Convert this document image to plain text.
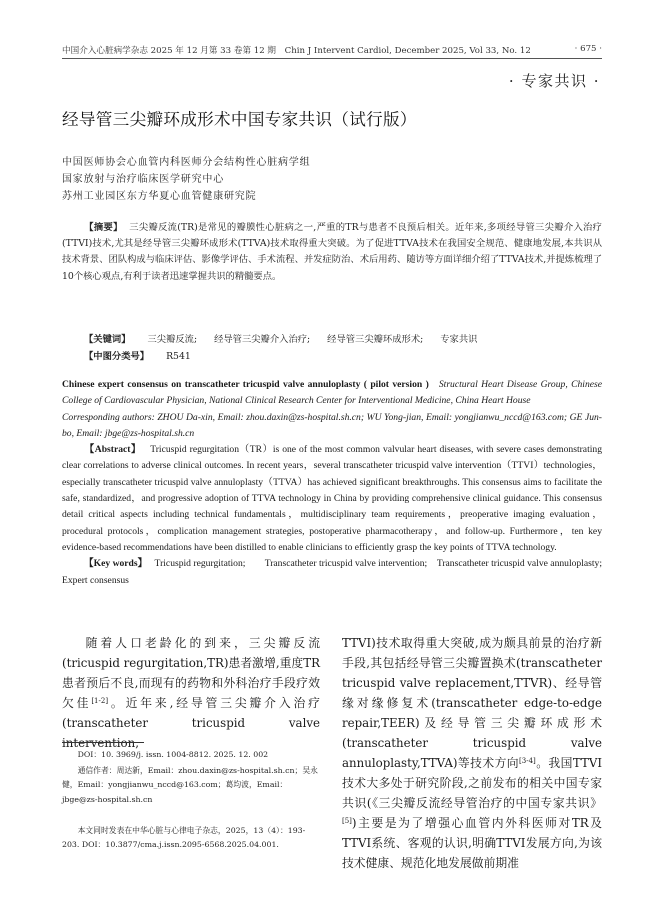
中国介入心脏病学杂志 2025 年 12 月第 33 卷第 12 期　Chin J Intervent Cardiol, December 2025, Vol 33, No. 12	· 675 ·
· 专家共识 ·
经导管三尖瓣环成形术中国专家共识（试行版）
中国医师协会心血管内科医师分会结构性心脏病学组
国家放射与治疗临床医学研究中心
苏州工业园区东方华夏心血管健康研究院
【摘要】 三尖瓣反流(TR)是常见的瓣膜性心脏病之一,严重的TR与患者不良预后相关。近年来,多项经导管三尖瓣介入治疗(TTVI)技术,尤其是经导管三尖瓣环成形术(TTVA)技术取得重大突破。为了促进TTVA技术在我国安全规范、健康地发展,本共识从技术背景、团队构成与临床评估、影像学评估、手术流程、并发症防治、术后用药、随访等方面详细介绍了TTVA技术,并提炼梳理了10个核心观点,有利于读者迅速掌握共识的精髓要点。
【关键词】 三尖瓣反流; 经导管三尖瓣介入治疗; 经导管三尖瓣环成形术; 专家共识
【中图分类号】 R541
Chinese expert consensus on transcatheter tricuspid valve annuloplasty ( pilot version ) Structural Heart Disease Group, Chinese College of Cardiovascular Physician, National Clinical Research Center for Interventional Medicine, China Heart House
Corresponding authors: ZHOU Da-xin, Email: zhou.daxin@zs-hospital.sh.cn; WU Yong-jian, Email: yongjianwu_nccd@163.com; GE Jun-bo, Email: jbge@zs-hospital.sh.cn
【Abstract】 Tricuspid regurgitation（TR）is one of the most common valvular heart diseases, with severe cases demonstrating clear correlations to adverse clinical outcomes. In recent years，several transcatheter tricuspid valve intervention（TTVI）technologies，especially transcatheter tricuspid valve annuloplasty（TTVA）has achieved significant breakthroughs. This consensus aims to facilitate the safe, standardized，and progressive adoption of TTVA technology in China by providing comprehensive clinical guidance. This consensus detail critical aspects including technical fundamentals，multidisciplinary team requirements，preoperative imaging evaluation，procedural protocols，complication management strategies, postoperative pharmacotherapy，and follow-up. Furthermore，ten key evidence-based recommendations have been distilled to enable clinicians to efficiently grasp the key points of TTVA technology.
【Key words】 Tricuspid regurgitation;　　Transcatheter tricuspid valve intervention;　Transcatheter tricuspid valve annuloplasty;　　Expert consensus
随着人口老龄化的到来，三尖瓣反流(tricuspid regurgitation,TR)患者激增,重度TR患者预后不良,而现有的药物和外科治疗手段疗效欠佳[1-2]。近年来,经导管三尖瓣介入治疗(transcatheter tricuspid valve intervention,
DOI：10. 3969/j. issn. 1004-8812. 2025. 12. 002
通信作者：周达新，Email：zhou.daxin@zs-hospital.sh.cn；吴永健，Email：yongjianwu_nccd@163.com；葛均波，Email：jbge@zs-hospital.sh.cn
本文同时发表在中华心脏与心律电子杂志，2025，13（4）：193-203. DOI：10.3877/cma.j.issn.2095-6568.2025.04.001.
TTVI)技术取得重大突破,成为颇具前景的治疗新手段,其包括经导管三尖瓣置换术(transcatheter tricuspid valve replacement,TTVR)、经导管缘对缘修复术(transcatheter edge-to-edge repair,TEER)及经导管三尖瓣环成形术(transcatheter tricuspid valve annuloplasty,TTVA)等技术方向[3-4]。我国TTVI技术大多处于研究阶段,之前发布的相关中国专家共识(《三尖瓣反流经导管治疗的中国专家共识》[5])主要是为了增强心血管内外科医师对TR及TTVI系统、客观的认识,明确TTVI发展方向,为该技术健康、规范化地发展做前期准
